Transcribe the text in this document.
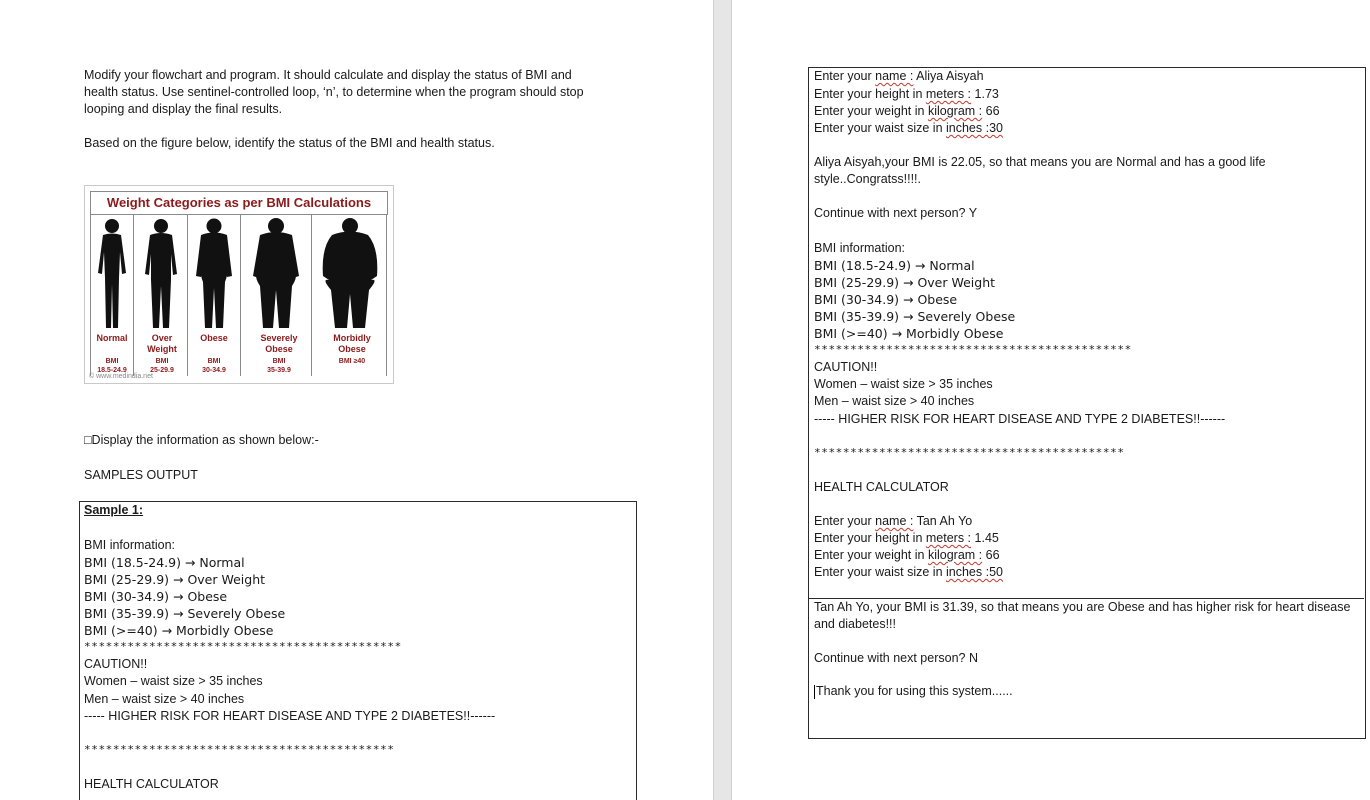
Modify your flowchart and program. It should calculate and display the status of BMI and
health status. Use sentinel-controlled loop, ‘n’, to determine when the program should stop
looping and display the final results.
Based on the figure below, identify the status of the BMI and health status.
Weight Categories as per BMI Calculations
Normal	Over Weight
Obese	Severely Obese
Morbidly Obese
BMI
18.5-24.9
BMI
25-29.9
BMI
30-34.9
BMI
35-39.9
BMI ≥40
© www.medindia.net
□Display the information as shown below:-
SAMPLES OUTPUT
Sample 1:
BMI information:
BMI (18.5-24.9) → Normal
BMI (25-29.9) → Over Weight
BMI (30-34.9) → Obese
BMI (35-39.9) → Severely Obese
BMI (>=40) → Morbidly Obese
********************************************
CAUTION!!
Women – waist size > 35 inches
Men – waist size > 40 inches
----- HIGHER RISK FOR HEART DISEASE AND TYPE 2 DIABETES!!------
*******************************************
HEALTH CALCULATOR
Enter your name : Aliya Aisyah
Enter your height in meters : 1.73
Enter your weight in kilogram : 66
Enter your waist size in inches :30
Aliya Aisyah,your BMI is 22.05, so that means you are Normal and has a good life
style..Congratss!!!!.
Continue with next person? Y
BMI information:
BMI (18.5-24.9) → Normal
BMI (25-29.9) → Over Weight
BMI (30-34.9) → Obese
BMI (35-39.9) → Severely Obese
BMI (>=40) → Morbidly Obese
********************************************
CAUTION!!
Women – waist size > 35 inches
Men – waist size > 40 inches
----- HIGHER RISK FOR HEART DISEASE AND TYPE 2 DIABETES!!------
*******************************************
HEALTH CALCULATOR
Enter your name : Tan Ah Yo
Enter your height in meters : 1.45
Enter your weight in kilogram : 66
Enter your waist size in inches :50
Tan Ah Yo, your BMI is 31.39, so that means you are Obese and has higher risk for heart disease
and diabetes!!!
Continue with next person? N
Thank you for using this system......
